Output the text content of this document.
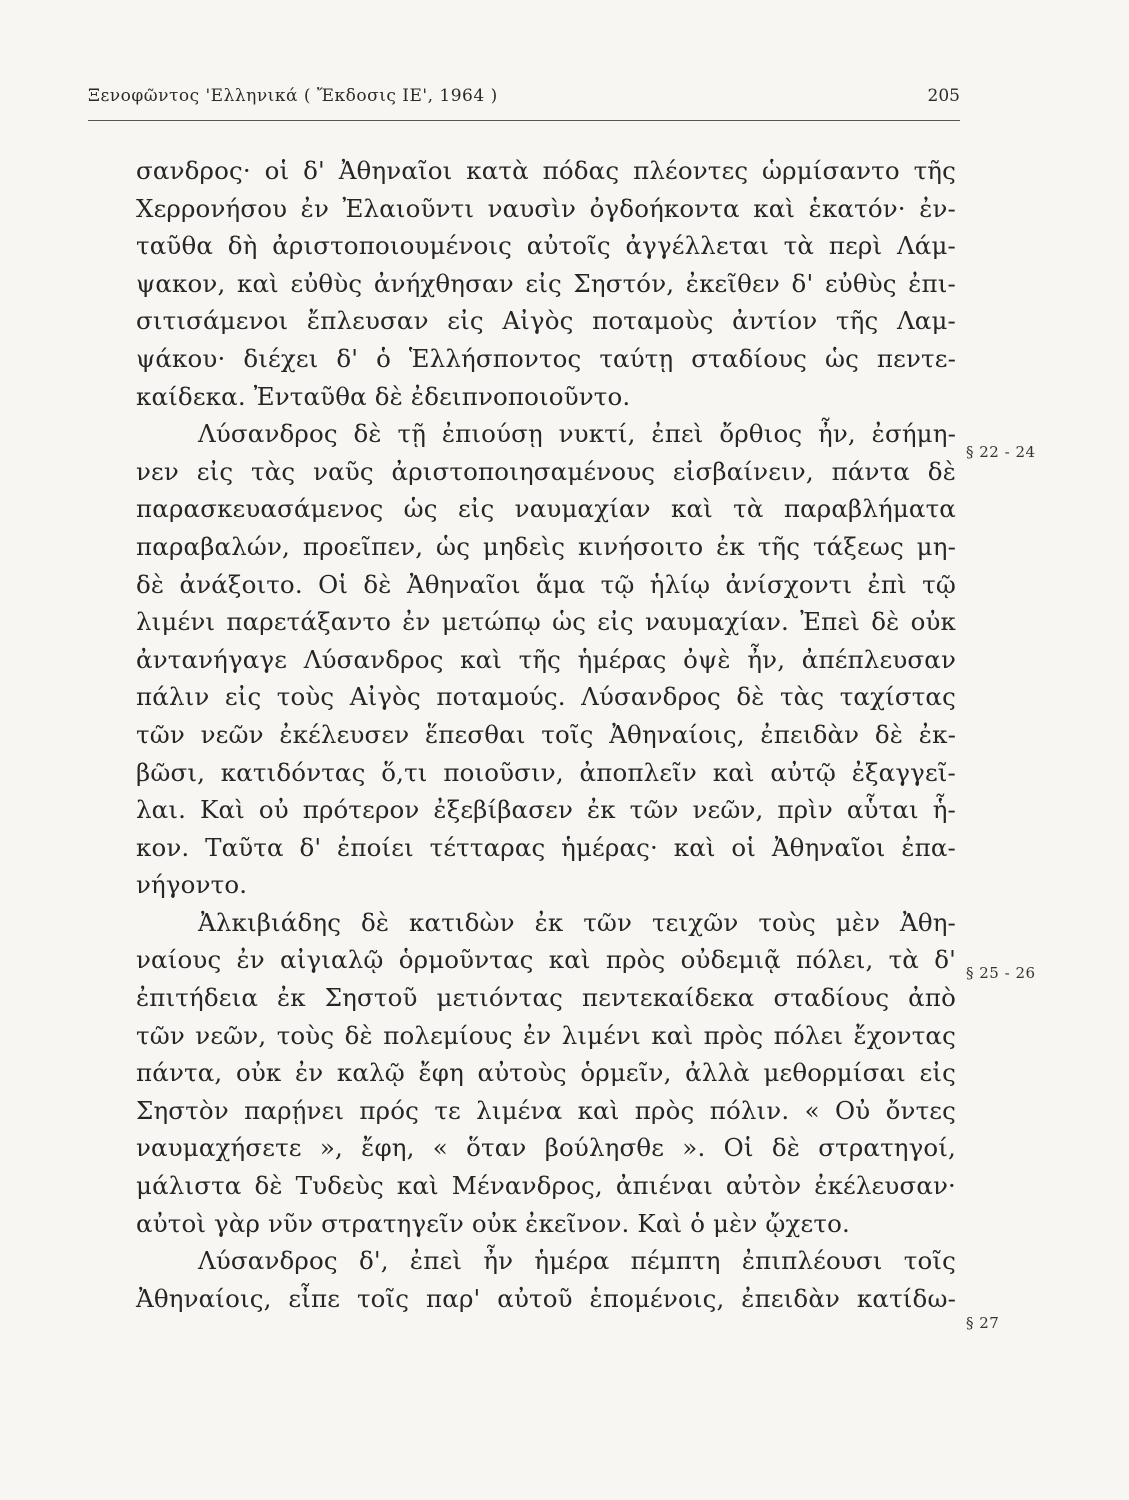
Ξενοφῶντος 'Ελληνικά ( Ἔκδοσις ΙΕ', 1964 )	205
σανδρος· οἱ δ' Ἀθηναῖοι κατὰ πόδας πλέοντες ὡρμίσαντο τῆς
Χερρονήσου ἐν Ἐλαιοῦντι ναυσὶν ὀγδοήκοντα καὶ ἑκατόν· ἐν-
ταῦθα δὴ ἀριστοποιουμένοις αὐτοῖς ἀγγέλλεται τὰ περὶ Λάμ-
ψακον, καὶ εὐθὺς ἀνήχθησαν εἰς Σηστόν, ἐκεῖθεν δ' εὐθὺς ἐπι-
σιτισάμενοι ἔπλευσαν εἰς Αἰγὸς ποταμοὺς ἀντίον τῆς Λαμ-
ψάκου· διέχει δ' ὁ Ἑλλήσποντος ταύτῃ σταδίους ὡς πεντε-
καίδεκα. Ἐνταῦθα δὲ ἐδειπνοποιοῦντο.
Λύσανδρος δὲ τῇ ἐπιούσῃ νυκτί, ἐπεὶ ὄρθιος ἦν, ἐσήμη-
νεν εἰς τὰς ναῦς ἀριστοποιησαμένους εἰσβαίνειν, πάντα δὲ
παρασκευασάμενος ὡς εἰς ναυμαχίαν καὶ τὰ παραβλήματα
παραβαλών, προεῖπεν, ὡς μηδεὶς κινήσοιτο ἐκ τῆς τάξεως μη-
δὲ ἀνάξοιτο. Οἱ δὲ Ἀθηναῖοι ἅμα τῷ ἡλίῳ ἀνίσχοντι ἐπὶ τῷ
λιμένι παρετάξαντο ἐν μετώπῳ ὡς εἰς ναυμαχίαν. Ἐπεὶ δὲ οὐκ
ἀντανήγαγε Λύσανδρος καὶ τῆς ἡμέρας ὀψὲ ἦν, ἀπέπλευσαν
πάλιν εἰς τοὺς Αἰγὸς ποταμούς. Λύσανδρος δὲ τὰς ταχίστας
τῶν νεῶν ἐκέλευσεν ἕπεσθαι τοῖς Ἀθηναίοις, ἐπειδὰν δὲ ἐκ-
βῶσι, κατιδόντας ὅ,τι ποιοῦσιν, ἀποπλεῖν καὶ αὐτῷ ἐξαγγεῖ-
λαι. Καὶ οὐ πρότερον ἐξεβίβασεν ἐκ τῶν νεῶν, πρὶν αὗται ἧ-
κον. Ταῦτα δ' ἐποίει τέτταρας ἡμέρας· καὶ οἱ Ἀθηναῖοι ἐπα-
νήγοντο.
Ἀλκιβιάδης δὲ κατιδὼν ἐκ τῶν τειχῶν τοὺς μὲν Ἀθη-
ναίους ἐν αἰγιαλῷ ὁρμοῦντας καὶ πρὸς οὐδεμιᾷ πόλει, τὰ δ'
ἐπιτήδεια ἐκ Σηστοῦ μετιόντας πεντεκαίδεκα σταδίους ἀπὸ
τῶν νεῶν, τοὺς δὲ πολεμίους ἐν λιμένι καὶ πρὸς πόλει ἔχοντας
πάντα, οὐκ ἐν καλῷ ἔφη αὐτοὺς ὁρμεῖν, ἀλλὰ μεθορμίσαι εἰς
Σηστὸν παρῄνει πρός τε λιμένα καὶ πρὸς πόλιν. « Οὐ ὄντες
ναυμαχήσετε », ἔφη, « ὅταν βούλησθε ». Οἱ δὲ στρατηγοί,
μάλιστα δὲ Τυδεὺς καὶ Μένανδρος, ἀπιέναι αὐτὸν ἐκέλευσαν·
αὐτοὶ γὰρ νῦν στρατηγεῖν οὐκ ἐκεῖνον. Καὶ ὁ μὲν ᾤχετο.
Λύσανδρος δ', ἐπεὶ ἦν ἡμέρα πέμπτη ἐπιπλέουσι τοῖς
Ἀθηναίοις, εἶπε τοῖς παρ' αὐτοῦ ἑπομένοις, ἐπειδὰν κατίδω-
§ 22 - 24
§ 25 - 26
§ 27
